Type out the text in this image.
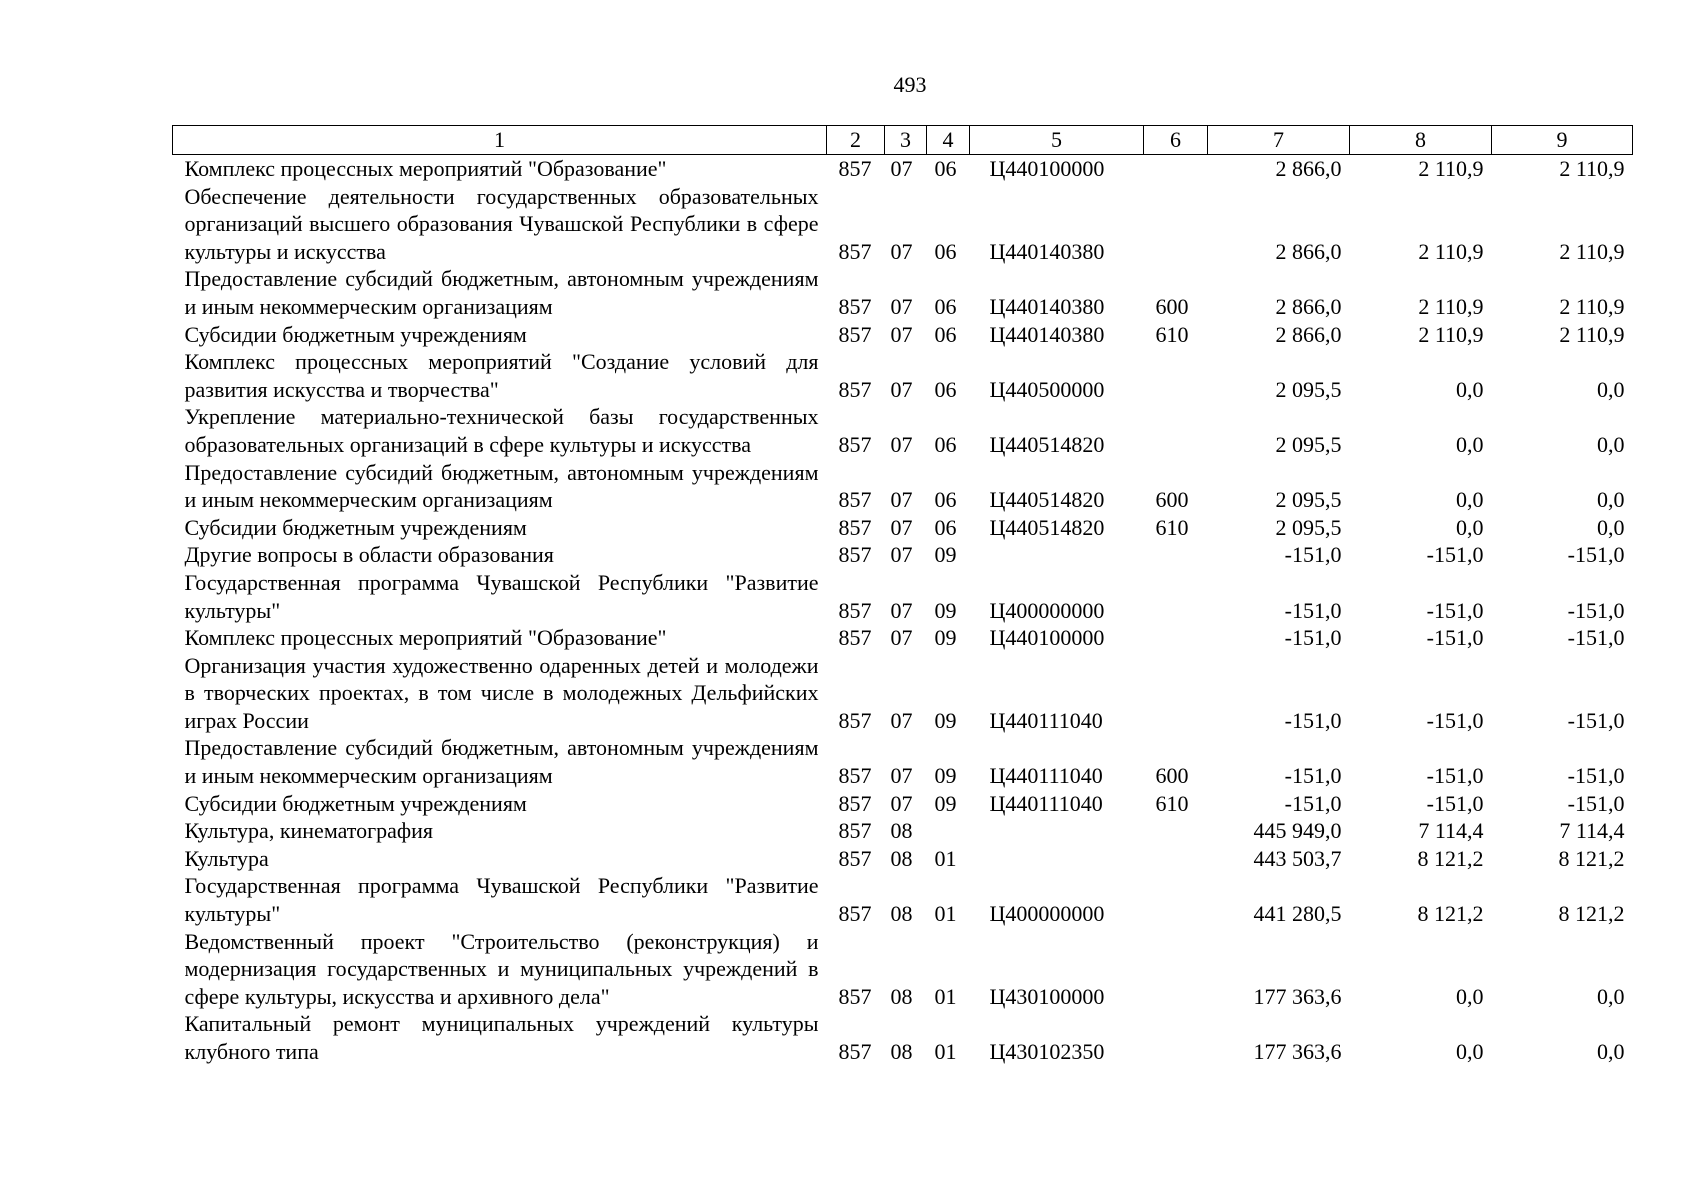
493
1	2	3	4	5	6	7	8	9
Комплекс процессных мероприятий "Образование"	857	07	06	Ц440100000		2 866,0	2 110,9	2 110,9
Обеспечение деятельности государственных образовательных организаций высшего образования Чувашской Республики в сфере культуры и искусства	857	07	06	Ц440140380		2 866,0	2 110,9	2 110,9
Предоставление субсидий бюджетным, автономным учреждениям и иным некоммерческим организациям	857	07	06	Ц440140380	600	2 866,0	2 110,9	2 110,9
Субсидии бюджетным учреждениям	857	07	06	Ц440140380	610	2 866,0	2 110,9	2 110,9
Комплекс процессных мероприятий "Создание условий для развития искусства и творчества"	857	07	06	Ц440500000		2 095,5	0,0	0,0
Укрепление материально-технической базы государственных образовательных организаций в сфере культуры и искусства	857	07	06	Ц440514820		2 095,5	0,0	0,0
Предоставление субсидий бюджетным, автономным учреждениям и иным некоммерческим организациям	857	07	06	Ц440514820	600	2 095,5	0,0	0,0
Субсидии бюджетным учреждениям	857	07	06	Ц440514820	610	2 095,5	0,0	0,0
Другие вопросы в области образования	857	07	09			-151,0	-151,0	-151,0
Государственная программа Чувашской Республики "Развитие культуры"	857	07	09	Ц400000000		-151,0	-151,0	-151,0
Комплекс процессных мероприятий "Образование"	857	07	09	Ц440100000		-151,0	-151,0	-151,0
Организация участия художественно одаренных детей и молодежи в творческих проектах, в том числе в молодежных Дельфийских играх России	857	07	09	Ц440111040		-151,0	-151,0	-151,0
Предоставление субсидий бюджетным, автономным учреждениям и иным некоммерческим организациям	857	07	09	Ц440111040	600	-151,0	-151,0	-151,0
Субсидии бюджетным учреждениям	857	07	09	Ц440111040	610	-151,0	-151,0	-151,0
Культура, кинематография	857	08				445 949,0	7 114,4	7 114,4
Культура	857	08	01			443 503,7	8 121,2	8 121,2
Государственная программа Чувашской Республики "Развитие культуры"	857	08	01	Ц400000000		441 280,5	8 121,2	8 121,2
Ведомственный проект "Строительство (реконструкция) и модернизация государственных и муниципальных учреждений в сфере культуры, искусства и архивного дела"	857	08	01	Ц430100000		177 363,6	0,0	0,0
Капитальный ремонт муниципальных учреждений культуры клубного типа	857	08	01	Ц430102350		177 363,6	0,0	0,0
